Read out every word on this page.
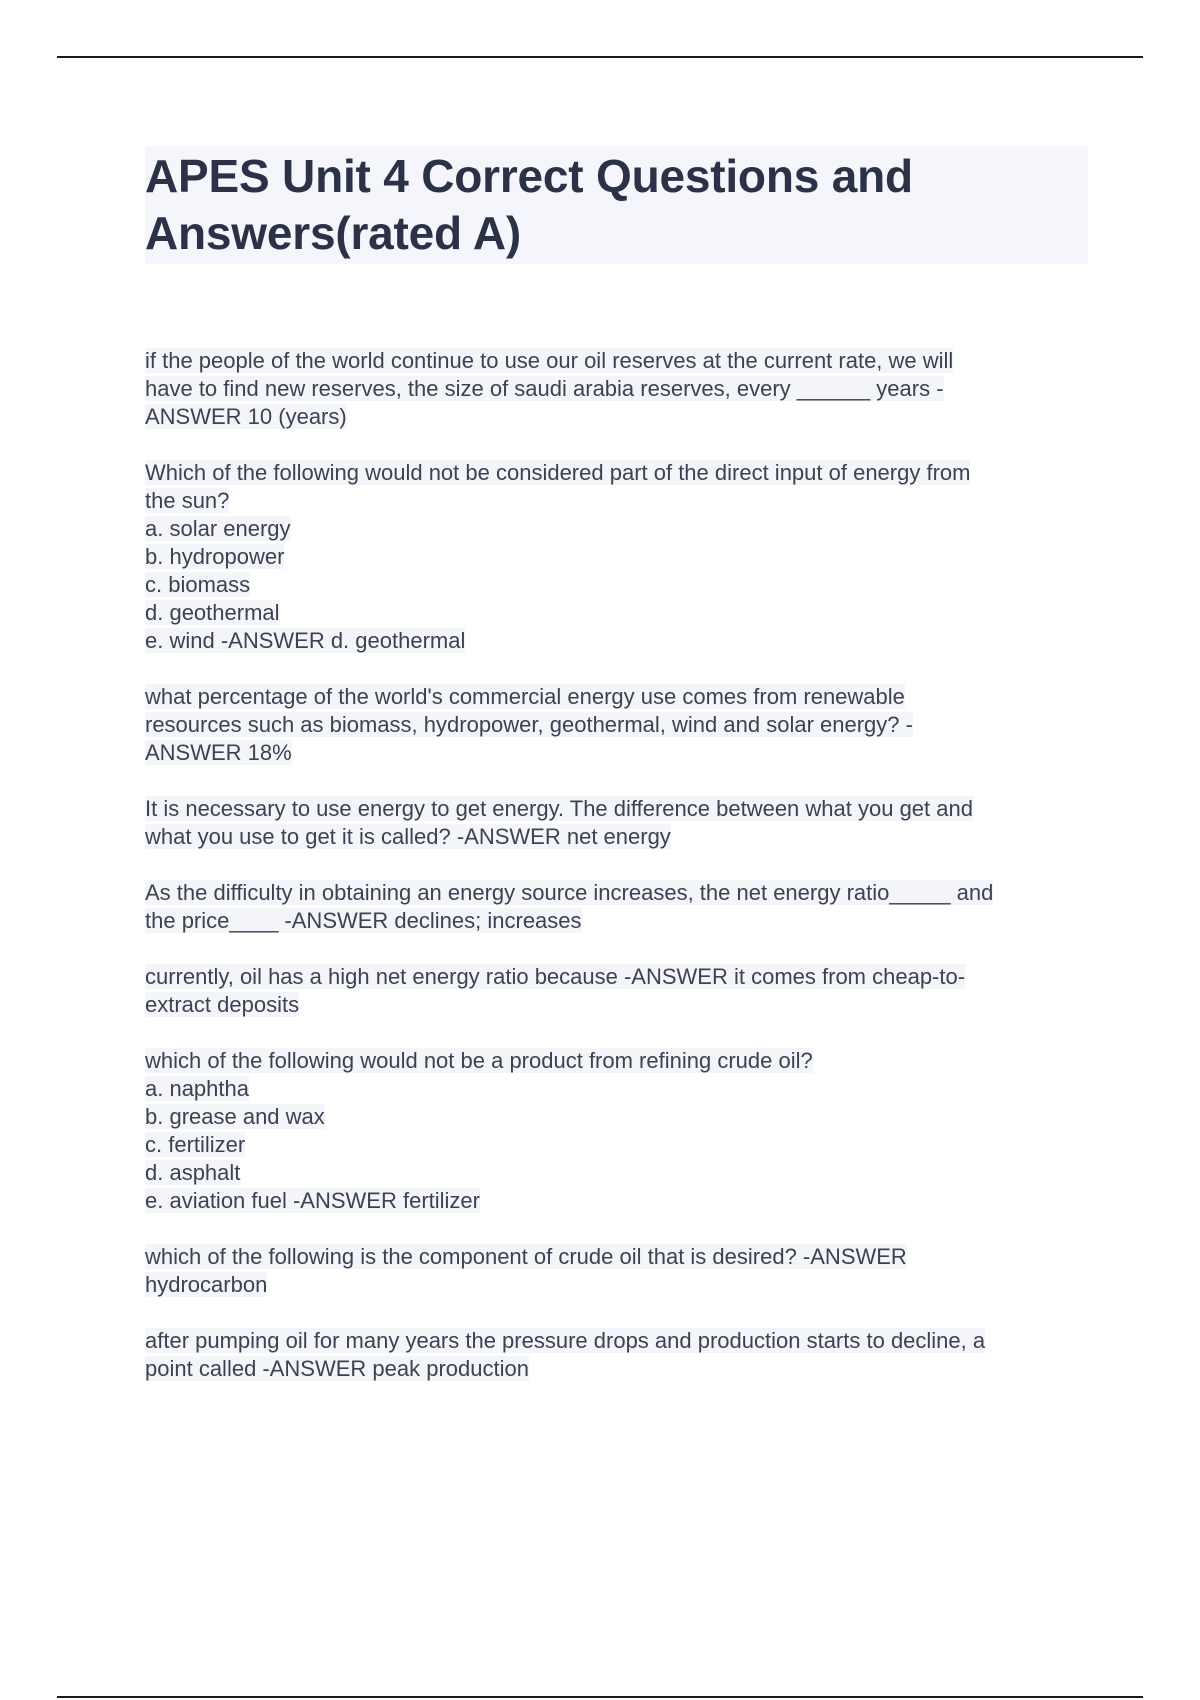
APES Unit 4 Correct Questions and Answers(rated A)
if the people of the world continue to use our oil reserves at the current rate, we will
have to find new reserves, the size of saudi arabia reserves, every ______ years -
ANSWER 10 (years)
Which of the following would not be considered part of the direct input of energy from
the sun?
a. solar energy
b. hydropower
c. biomass
d. geothermal
e. wind -ANSWER d. geothermal
what percentage of the world's commercial energy use comes from renewable
resources such as biomass, hydropower, geothermal, wind and solar energy? -
ANSWER 18%
It is necessary to use energy to get energy. The difference between what you get and
what you use to get it is called? -ANSWER net energy
As the difficulty in obtaining an energy source increases, the net energy ratio_____ and
the price____ -ANSWER declines; increases
currently, oil has a high net energy ratio because -ANSWER it comes from cheap-to-
extract deposits
which of the following would not be a product from refining crude oil?
a. naphtha
b. grease and wax
c. fertilizer
d. asphalt
e. aviation fuel -ANSWER fertilizer
which of the following is the component of crude oil that is desired? -ANSWER
hydrocarbon
after pumping oil for many years the pressure drops and production starts to decline, a
point called -ANSWER peak production
